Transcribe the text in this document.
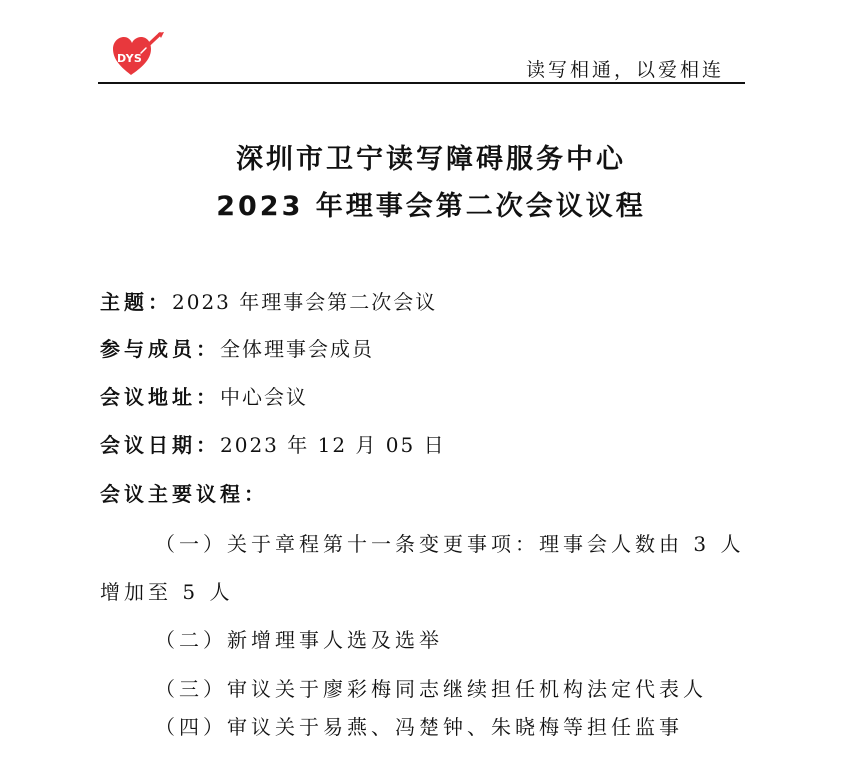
DYS
读写相通，以爱相连
深圳市卫宁读写障碍服务中心
2023 年理事会第二次会议议程
主题：2023 年理事会第二次会议
参与成员：全体理事会成员
会议地址：中心会议
会议日期：2023 年 12 月 05 日
会议主要议程：
（一）关于章程第十一条变更事项：理事会人数由 3 人
增加至 5 人
（二）新增理事人选及选举
（三）审议关于廖彩梅同志继续担任机构法定代表人
（四）审议关于易燕、冯楚钟、朱晓梅等担任监事
